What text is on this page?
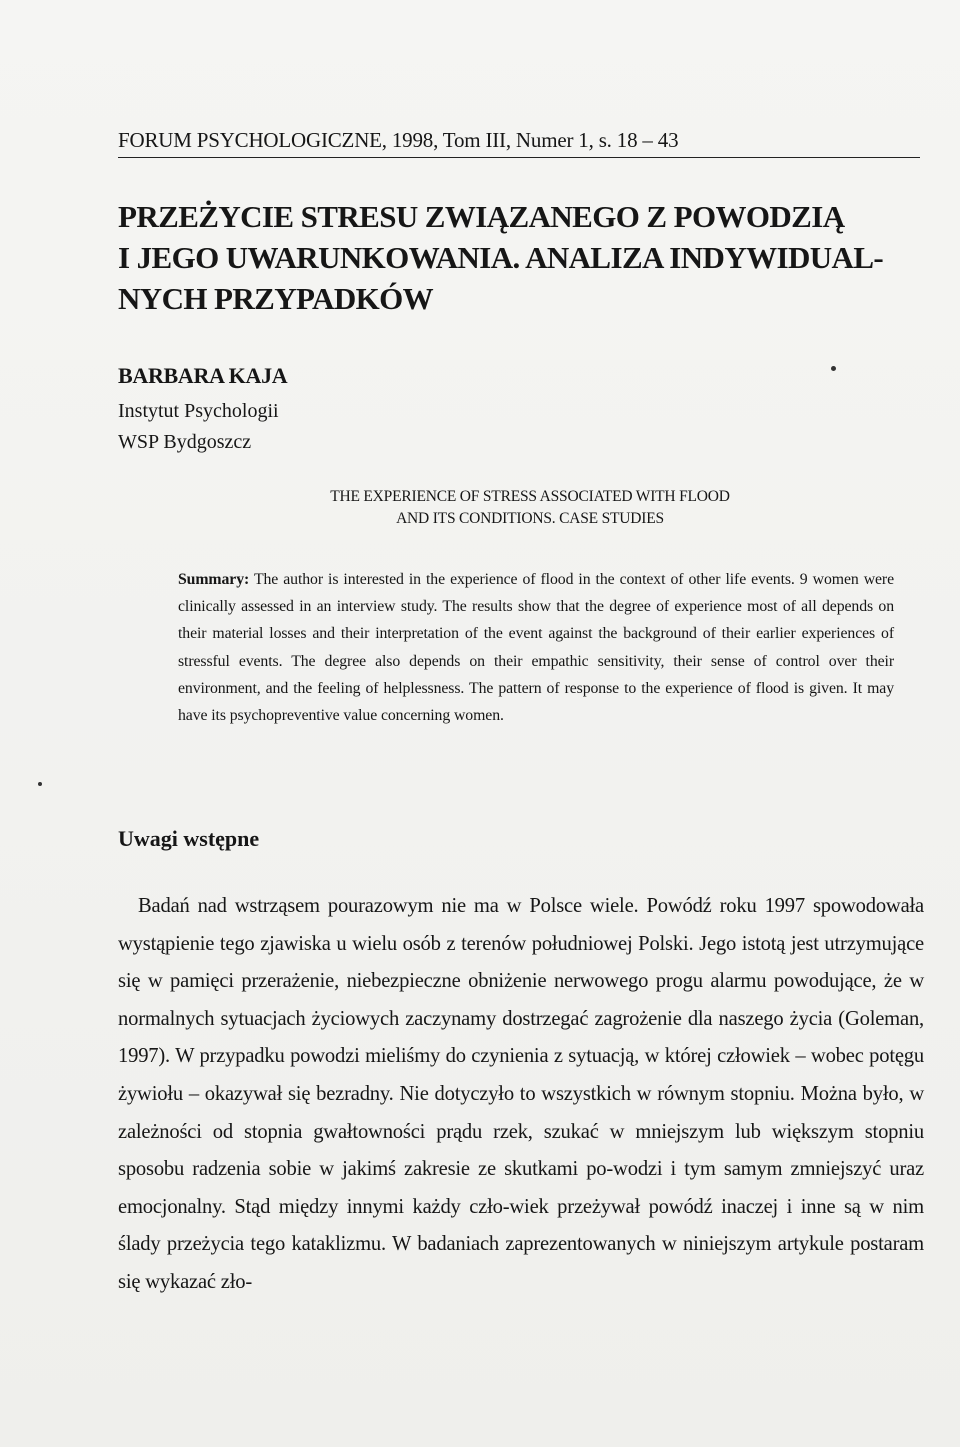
FORUM PSYCHOLOGICZNE, 1998, Tom III, Numer 1, s. 18 – 43
PRZEŻYCIE STRESU ZWIĄZANEGO Z POWODZIĄ
I JEGO UWARUNKOWANIA. ANALIZA INDYWIDUAL-
NYCH PRZYPADKÓW
BARBARA KAJA
Instytut Psychologii
WSP Bydgoszcz
THE EXPERIENCE OF STRESS ASSOCIATED WITH FLOOD
AND ITS CONDITIONS. CASE STUDIES
Summary: The author is interested in the experience of flood in the context of other life events. 9 women were clinically assessed in an interview study. The results show that the degree of experience most of all depends on their material losses and their interpretation of the event against the background of their earlier experiences of stressful events. The degree also depends on their empathic sensitivity, their sense of control over their environment, and the feeling of helplessness. The pattern of response to the experience of flood is given. It may have its psychopreventive value concerning women.
Uwagi wstępne
Badań nad wstrząsem pourazowym nie ma w Polsce wiele. Powódź roku 1997 spowodowała wystąpienie tego zjawiska u wielu osób z terenów południowej Polski. Jego istotą jest utrzymujące się w pamięci przerażenie, niebezpieczne obniżenie nerwowego progu alarmu powodujące, że w normalnych sytuacjach życiowych zaczynamy dostrzegać zagrożenie dla naszego życia (Goleman, 1997). W przypadku powodzi mieliśmy do czynienia z sytuacją, w której człowiek – wobec potęgu żywiołu – okazywał się bezradny. Nie dotyczyło to wszystkich w równym stopniu. Można było, w zależności od stopnia gwałtowności prądu rzek, szukać w mniejszym lub większym stopniu sposobu radzenia sobie w jakimś zakresie ze skutkami po-wodzi i tym samym zmniejszyć uraz emocjonalny. Stąd między innymi każdy czło-wiek przeżywał powódź inaczej i inne są w nim ślady przeżycia tego kataklizmu. W badaniach zaprezentowanych w niniejszym artykule postaram się wykazać zło-
